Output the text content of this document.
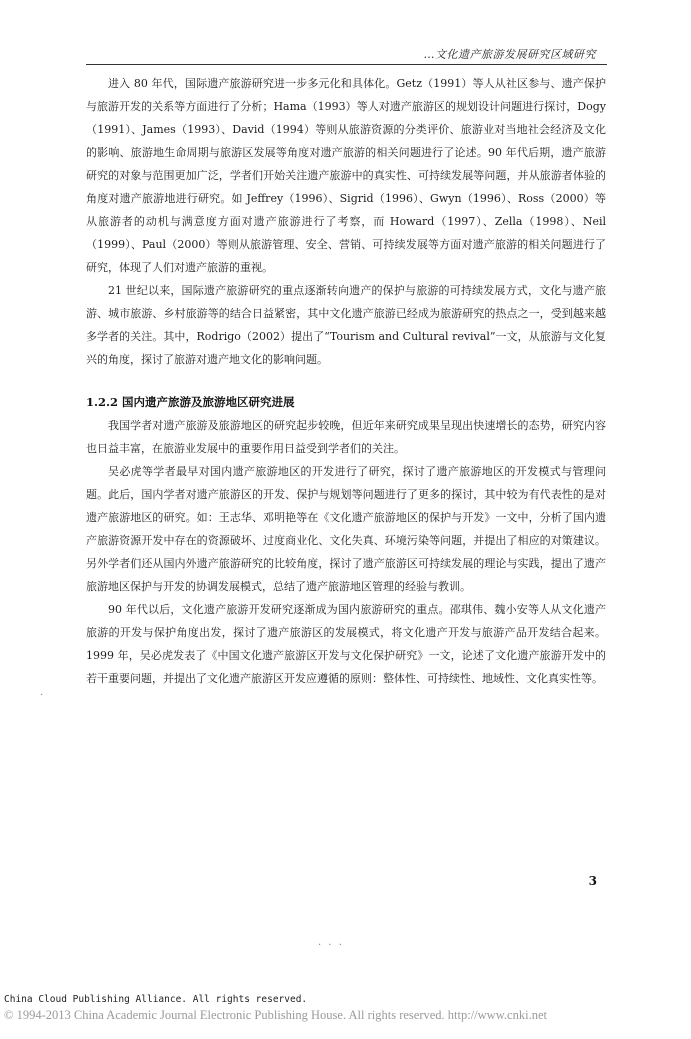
…文化遗产旅游发展研究区域研究

进入 80 年代，国际遗产旅游研究进一步多元化和具体化。Getz（1991）等人从社区参与、遗产保护与旅游开发的关系等方面进行了分析；Hama（1993）等人对遗产旅游区的规划设计问题进行探讨，Dogy（1991）、James（1993）、David（1994）等则从旅游资源的分类评价、旅游业对当地社会经济及文化的影响、旅游地生命周期与旅游区发展等角度对遗产旅游的相关问题进行了论述。90 年代后期，遗产旅游研究的对象与范围更加广泛，学者们开始关注遗产旅游中的真实性、可持续发展等问题，并从旅游者体验的角度对遗产旅游地进行研究。如 Jeffrey（1996）、Sigrid（1996）、Gwyn（1996）、Ross（2000）等从旅游者的动机与满意度方面对遗产旅游进行了考察，而 Howard（1997）、Zella（1998）、Neil（1999）、Paul（2000）等则从旅游管理、安全、营销、可持续发展等方面对遗产旅游的相关问题进行了研究，体现了人们对遗产旅游的重视。

21 世纪以来，国际遗产旅游研究的重点逐渐转向遗产的保护与旅游的可持续发展方式，文化与遗产旅游、城市旅游、乡村旅游等的结合日益紧密，其中文化遗产旅游已经成为旅游研究的热点之一，受到越来越多学者的关注。其中，Rodrigo（2002）提出了“Tourism and Cultural revival”一文，从旅游与文化复兴的角度，探讨了旅游对遗产地文化的影响问题。

1.2.2 国内遗产旅游及旅游地区研究进展

我国学者对遗产旅游及旅游地区的研究起步较晚，但近年来研究成果呈现出快速增长的态势，研究内容也日益丰富，在旅游业发展中的重要作用日益受到学者们的关注。

吴必虎等学者最早对国内遗产旅游地区的开发进行了研究，探讨了遗产旅游地区的开发模式与管理问题。此后，国内学者对遗产旅游区的开发、保护与规划等问题进行了更多的探讨，其中较为有代表性的是对遗产旅游地区的研究。如：王志华、邓明艳等在《文化遗产旅游地区的保护与开发》一文中，分析了国内遗产旅游资源开发中存在的资源破坏、过度商业化、文化失真、环境污染等问题，并提出了相应的对策建议。另外学者们还从国内外遗产旅游研究的比较角度，探讨了遗产旅游区可持续发展的理论与实践，提出了遗产旅游地区保护与开发的协调发展模式，总结了遗产旅游地区管理的经验与教训。

90 年代以后，文化遗产旅游开发研究逐渐成为国内旅游研究的重点。邵琪伟、魏小安等人从文化遗产旅游的开发与保护角度出发，探讨了遗产旅游区的发展模式，将文化遗产开发与旅游产品开发结合起来。1999 年，吴必虎发表了《中国文化遗产旅游区开发与文化保护研究》一文，论述了文化遗产旅游开发中的若干重要问题，并提出了文化遗产旅游区开发应遵循的原则：整体性、可持续性、地域性、文化真实性等。

3
·
· · ·
China Cloud Publishing Alliance. All rights reserved.
© 1994-2013 China Academic Journal Electronic Publishing House. All rights reserved. http://www.cnki.net
